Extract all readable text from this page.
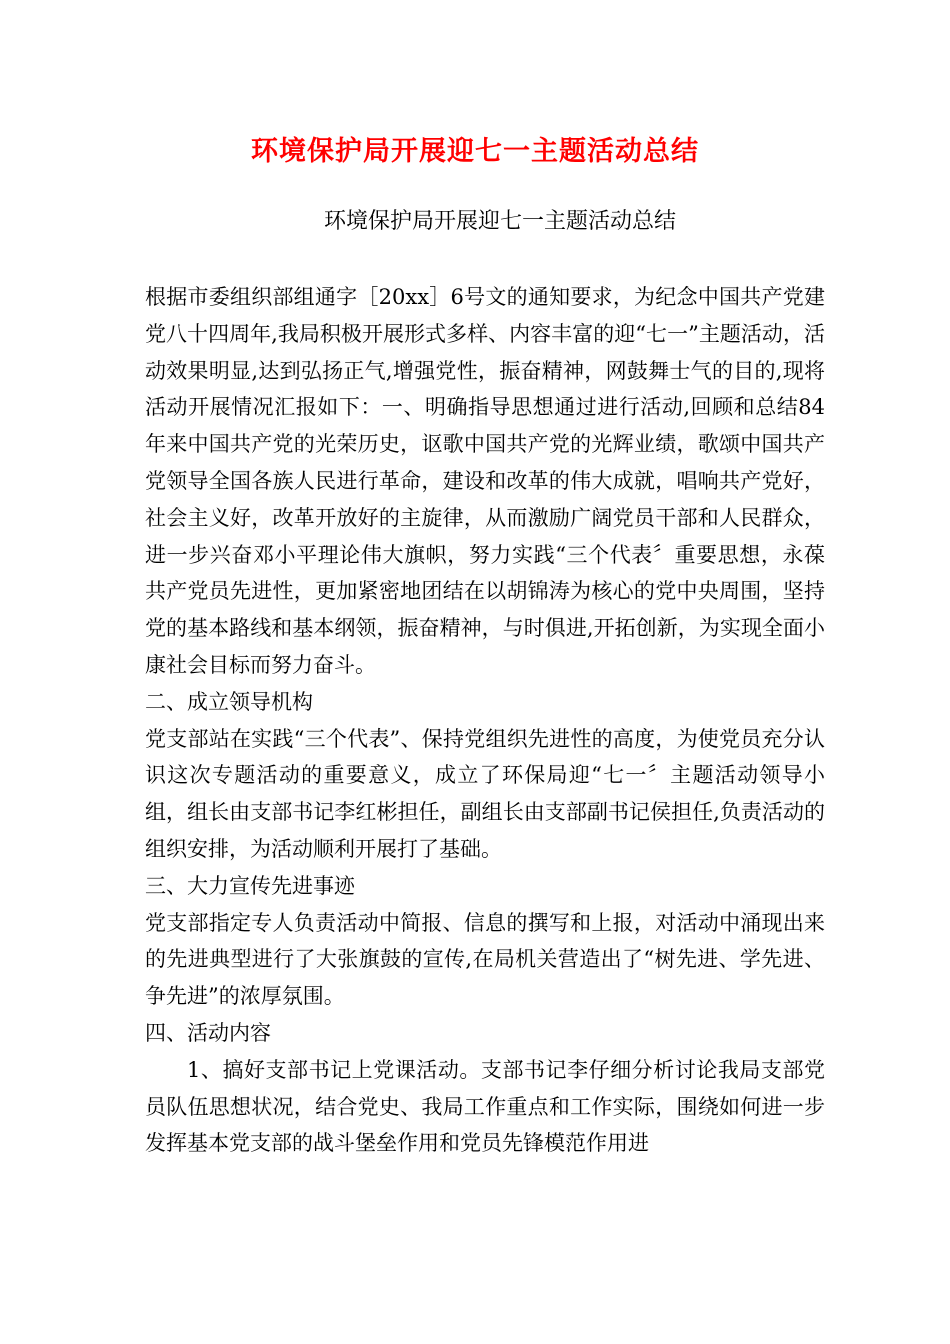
环境保护局开展迎七一主题活动总结
环境保护局开展迎七一主题活动总结

根据市委组织部组通字［20xx］6号文的通知要求，为纪念中国共产党建党八十四周年,我局积极开展形式多样、内容丰富的迎“七一”主题活动，活动效果明显,达到弘扬正气,增强党性，振奋精神，网鼓舞士气的目的,现将活动开展情况汇报如下：一、明确指导思想通过进行活动,回顾和总结84年来中国共产党的光荣历史，讴歌中国共产党的光辉业绩，歌颂中国共产党领导全国各族人民进行革命，建设和改革的伟大成就，唱响共产党好，社会主义好，改革开放好的主旋律，从而激励广阔党员干部和人民群众，进一步兴奋邓小平理论伟大旗帜，努力实践“三个代表〞重要思想，永葆共产党员先进性，更加紧密地团结在以胡锦涛为核心的党中央周围，坚持党的基本路线和基本纲领，振奋精神，与时俱进,开拓创新，为实现全面小康社会目标而努力奋斗。

二、成立领导机构

党支部站在实践“三个代表”、保持党组织先进性的高度，为使党员充分认识这次专题活动的重要意义，成立了环保局迎“七一〞主题活动领导小组，组长由支部书记李红彬担任，副组长由支部副书记侯担任,负责活动的组织安排，为活动顺利开展打了基础。

三、大力宣传先进事迹

党支部指定专人负责活动中简报、信息的撰写和上报，对活动中涌现出来的先进典型进行了大张旗鼓的宣传,在局机关营造出了“树先进、学先进、争先进”的浓厚氛围。

四、活动内容

1、搞好支部书记上党课活动。支部书记李仔细分析讨论我局支部党员队伍思想状况，结合党史、我局工作重点和工作实际，围绕如何进一步发挥基本党支部的战斗堡垒作用和党员先锋模范作用进
